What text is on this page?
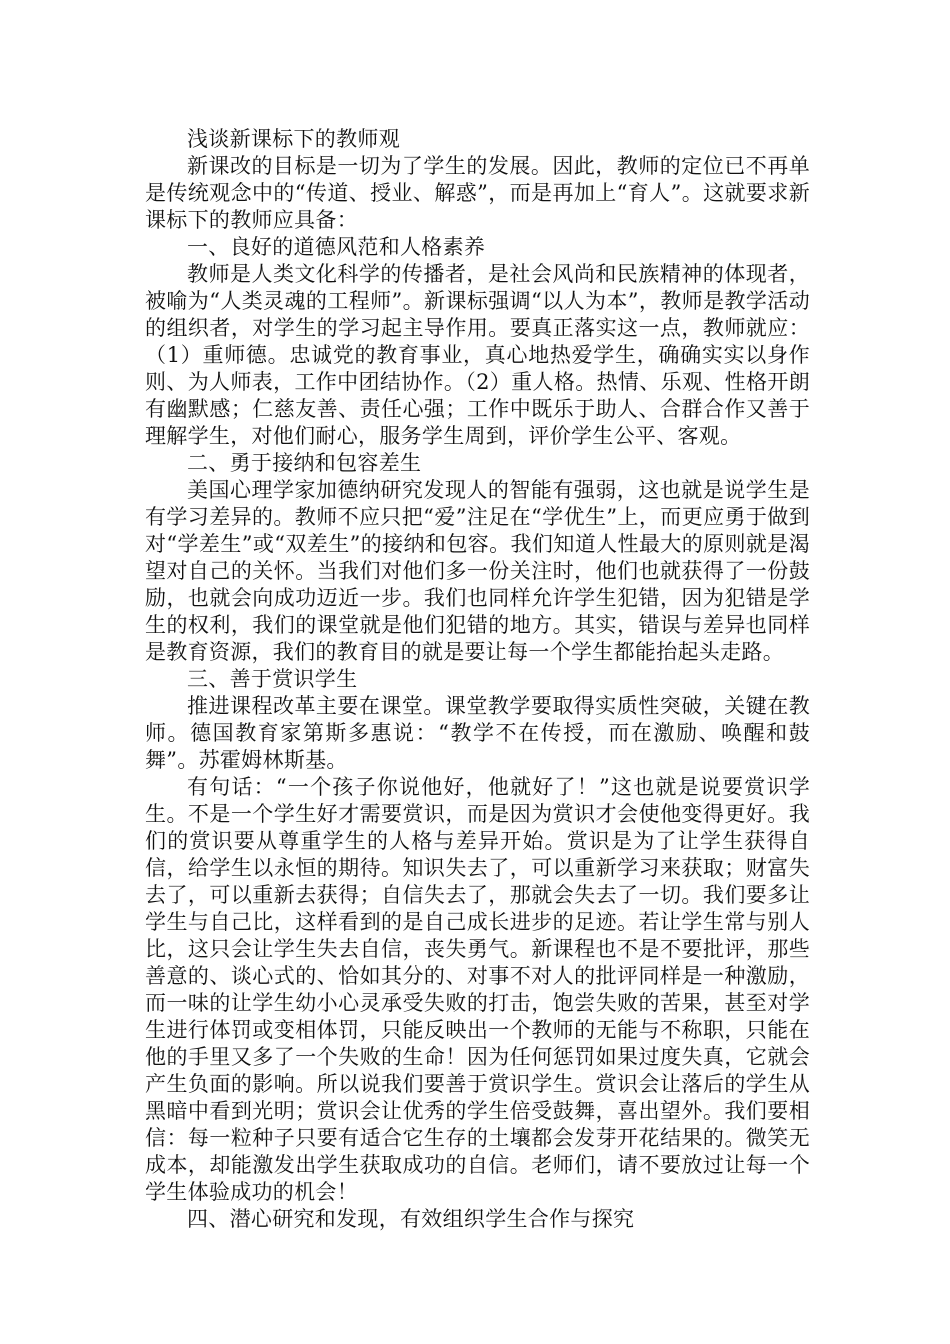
浅谈新课标下的教师观

新课改的目标是一切为了学生的发展。因此，教师的定位已不再单是传统观念中的“传道、授业、解惑”，而是再加上“育人”。这就要求新课标下的教师应具备：

一、良好的道德风范和人格素养

教师是人类文化科学的传播者，是社会风尚和民族精神的体现者，被喻为“人类灵魂的工程师”。新课标强调“以人为本”，教师是教学活动的组织者，对学生的学习起主导作用。要真正落实这一点，教师就应：（1）重师德。忠诚党的教育事业，真心地热爱学生，确确实实以身作则、为人师表，工作中团结协作。（2）重人格。热情、乐观、性格开朗有幽默感；仁慈友善、责任心强；工作中既乐于助人、合群合作又善于理解学生，对他们耐心，服务学生周到，评价学生公平、客观。

二、勇于接纳和包容差生

美国心理学家加德纳研究发现人的智能有强弱，这也就是说学生是有学习差异的。教师不应只把“爱”注足在“学优生”上，而更应勇于做到对“学差生”或“双差生”的接纳和包容。我们知道人性最大的原则就是渴望对自己的关怀。当我们对他们多一份关注时，他们也就获得了一份鼓励，也就会向成功迈近一步。我们也同样允许学生犯错，因为犯错是学生的权利，我们的课堂就是他们犯错的地方。其实，错误与差异也同样是教育资源，我们的教育目的就是要让每一个学生都能抬起头走路。

三、善于赏识学生

推进课程改革主要在课堂。课堂教学要取得实质性突破，关键在教师。德国教育家第斯多惠说：“教学不在传授，而在激励、唤醒和鼓舞”。苏霍姆林斯基。

有句话：“一个孩子你说他好，他就好了！”这也就是说要赏识学生。不是一个学生好才需要赏识，而是因为赏识才会使他变得更好。我们的赏识要从尊重学生的人格与差异开始。赏识是为了让学生获得自信，给学生以永恒的期待。知识失去了，可以重新学习来获取；财富失去了，可以重新去获得；自信失去了，那就会失去了一切。我们要多让学生与自己比，这样看到的是自己成长进步的足迹。若让学生常与别人比，这只会让学生失去自信，丧失勇气。新课程也不是不要批评，那些善意的、谈心式的、恰如其分的、对事不对人的批评同样是一种激励，而一味的让学生幼小心灵承受失败的打击，饱尝失败的苦果，甚至对学生进行体罚或变相体罚，只能反映出一个教师的无能与不称职，只能在他的手里又多了一个失败的生命！因为任何惩罚如果过度失真，它就会产生负面的影响。所以说我们要善于赏识学生。赏识会让落后的学生从黑暗中看到光明；赏识会让优秀的学生倍受鼓舞，喜出望外。我们要相信：每一粒种子只要有适合它生存的土壤都会发芽开花结果的。微笑无成本，却能激发出学生获取成功的自信。老师们，请不要放过让每一个学生体验成功的机会！

四、潜心研究和发现，有效组织学生合作与探究
